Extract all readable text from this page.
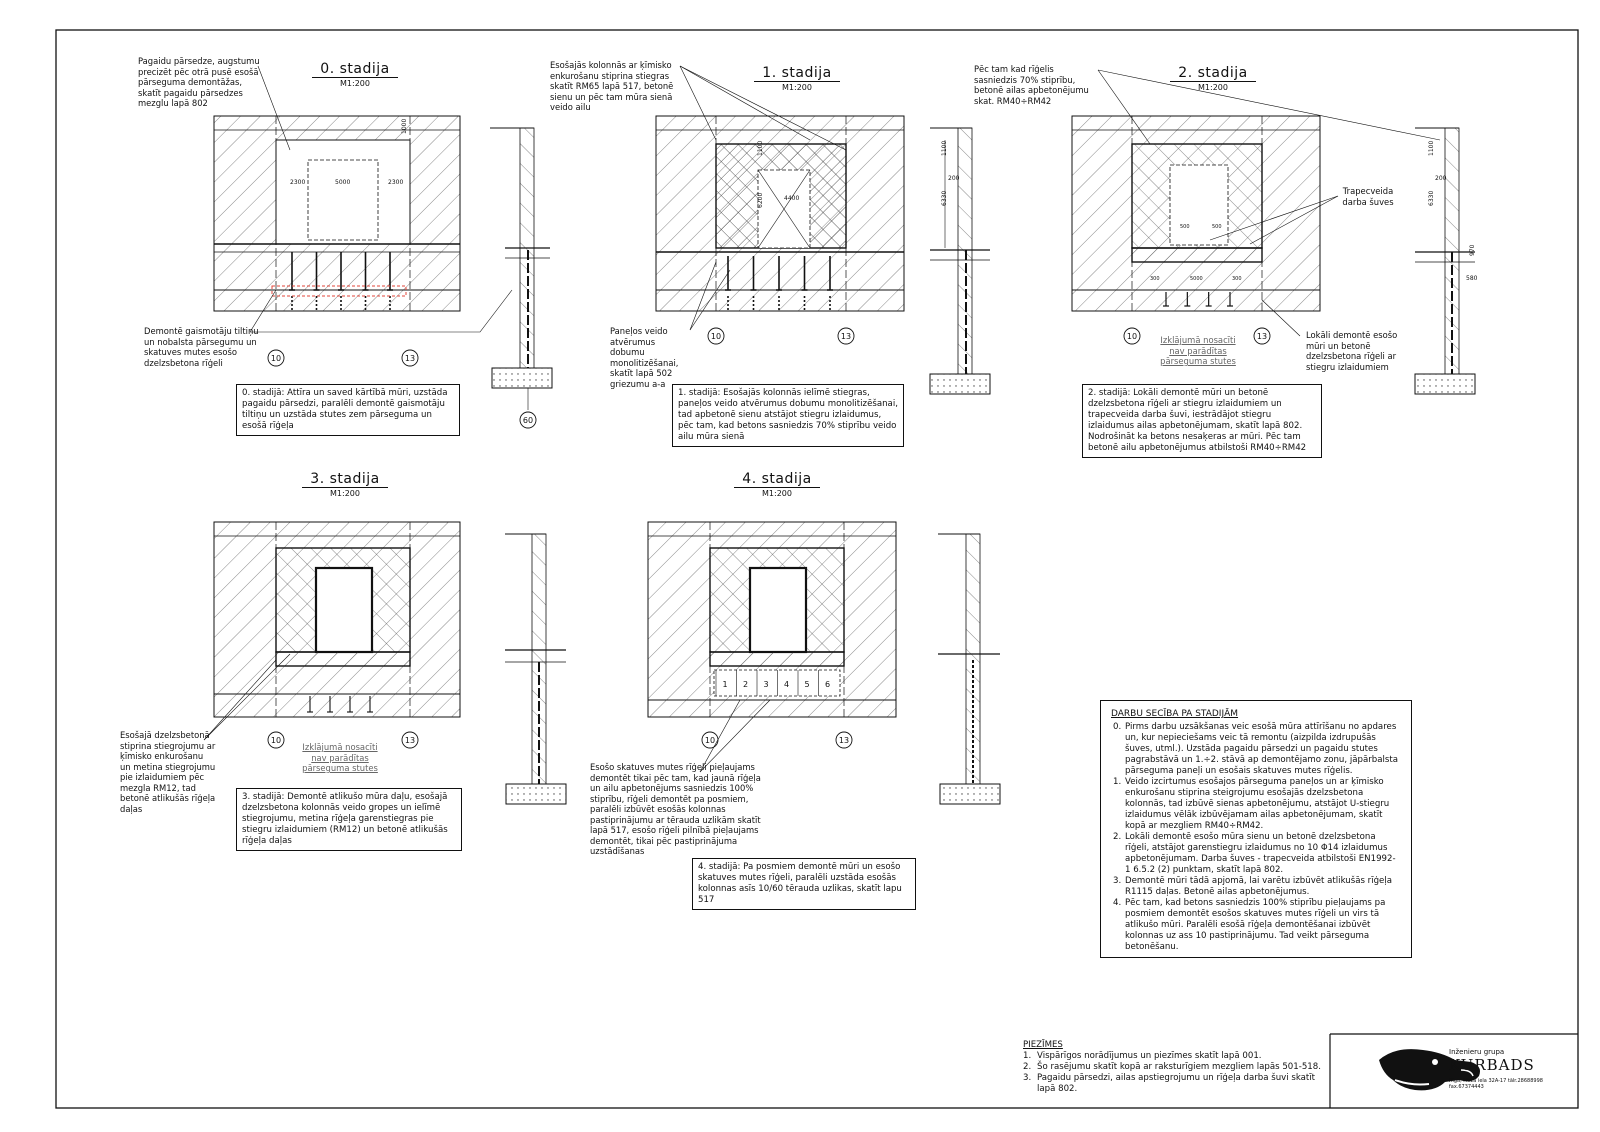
2300	5000	2300
1000
60
1100
6200	4400
1100
200
6330
500	500
300	5000	300
1100
200
6330
970
580
1 2 3 4 5 6
10	13
10	13	10	13
10	13	10	13
0. stadija
M1:200
1. stadija
M1:200
2. stadija
M1:200
3. stadija
M1:200
4. stadija
M1:200
Pagaidu pārsedze, augstumu precizēt pēc otrā pusē esošā pārseguma demontāžas, skatīt pagaidu pārsedzes mezglu lapā 802
Demontē gaismotāju tiltiņu un nobalsta pārsegumu un skatuves mutes esošo dzelzsbetona rīģeli
Esošajās kolonnās ar ķīmisko enkurošanu stiprina stiegras skatīt RM65 lapā 517, betonē sienu un pēc tam mūra sienā veido ailu
Paneļos veido atvērumus dobumu monolitizēšanai, skatīt lapā 502 griezumu a-a
Pēc tam kad rīģelis sasniedzis 70% stiprību, betonē ailas apbetonējumu skat. RM40÷RM42
Trapecveida darba šuves
Lokāli demontē esošo mūri un betonē dzelzsbetona rīģeli ar stiegru izlaidumiem
Izklājumā nosacīti nav parādītas pārseguma stutes
Esošajā dzelzsbetonā stiprina stiegrojumu ar ķīmisko enkurošanu un metina stiegrojumu pie izlaidumiem pēc mezgla RM12, tad betonē atlikušās rīģeļa daļas
Izklājumā nosacīti nav parādītas pārseguma stutes	Esošo skatuves mutes rīģeli pieļaujams demontēt tikai pēc tam, kad jaunā rīģeļa un ailu apbetonējums sasniedzis 100% stiprību, rīģeli demontēt pa posmiem, paralēli izbūvēt esošās kolonnas pastiprinājumu ar tērauda uzlikām skatīt lapā 517, esošo rīģeli pilnībā pieļaujams demontēt, tikai pēc pastiprinājuma uzstādīšanas
0. stadijā: Attīra un saved kārtībā mūri, uzstāda pagaidu pārsedzi, paralēli demontē gaismotāju tiltiņu un uzstāda stutes zem pārseguma un esošā rīģeļa
1. stadijā: Esošajās kolonnās ielīmē stiegras, paneļos veido atvērumus dobumu monolitizēšanai, tad apbetonē sienu atstājot stiegru izlaidumus, pēc tam, kad betons sasniedzis 70% stiprību veido ailu mūra sienā
2. stadijā: Lokāli demontē mūri un betonē dzelzsbetona rīģeli ar stiegru izlaidumiem un trapecveida darba šuvi, iestrādājot stiegru izlaidumus ailas apbetonējumam, skatīt lapā 802. Nodrošināt ka betons nesaķeras ar mūri. Pēc tam betonē ailu apbetonējumus atbilstoši RM40÷RM42
3. stadijā: Demontē atlikušo mūra daļu, esošajā dzelzsbetona kolonnās veido gropes un ielīmē stiegrojumu, metina rīģeļa garenstiegras pie stiegru izlaidumiem (RM12) un betonē atlikušās rīģeļa daļas
4. stadijā: Pa posmiem demontē mūri un esošo skatuves mutes rīģeli, paralēli uzstāda esošās kolonnas asīs 10/60 tērauda uzlikas, skatīt lapu 517
DARBU SECĪBA PA STADIJĀM
0. Pirms darbu uzsākšanas veic esošā mūra attīrīšanu no apdares un, kur nepieciešams veic tā remontu (aizpilda izdrupušās šuves, utml.). Uzstāda pagaidu pārsedzi un pagaidu stutes pagrabstāvā un 1.÷2. stāvā ap demontējamo zonu, jāpārbalsta pārseguma paneļi un esošais skatuves mutes rīģelis.
1. Veido izcirtumus esošajos pārseguma paneļos un ar ķīmisko enkurošanu stiprina steigrojumu esošajās dzelzsbetona kolonnās, tad izbūvē sienas apbetonējumu, atstājot U-stiegru izlaidumus vēlāk izbūvējamam ailas apbetonējumam, skatīt kopā ar mezgliem RM40÷RM42.
2. Lokāli demontē esošo mūra sienu un betonē dzelzsbetona rīģeli, atstājot garenstiegru izlaidumus no 10 Φ14 izlaidumus apbetonējumam. Darba šuves - trapecveida atbilstoši EN1992-1 6.5.2 (2) punktam, skatīt lapā 802.
3. Demontē mūri tādā apjomā, lai varētu izbūvēt atlikušās rīģeļa R1115 daļas. Betonē ailas apbetonējumus.
4. Pēc tam, kad betons sasniedzis 100% stiprību pieļaujams pa posmiem demontēt esošos skatuves mutes rīģeli un virs tā atlikušo mūri. Paralēli esošā rīģeļa demontēšanai izbūvēt kolonnas uz ass 10 pastiprinājumu. Tad veikt pārseguma betonēšanu.
PIEZĪMES
1. Vispārīgos norādījumus un piezīmes skatīt lapā 001.
2. Šo rasējumu skatīt kopā ar raksturīgiem mezgliem lapās 501-518.
3. Pagaidu pārsedzi, ailas apstiegrojumu un rīģeļa darba šuvi skatīt lapā 802.
Inženieru grupa
KURBADS
Rīga, Meža iela 32A-17 tālr.28688998 fax.67374443
